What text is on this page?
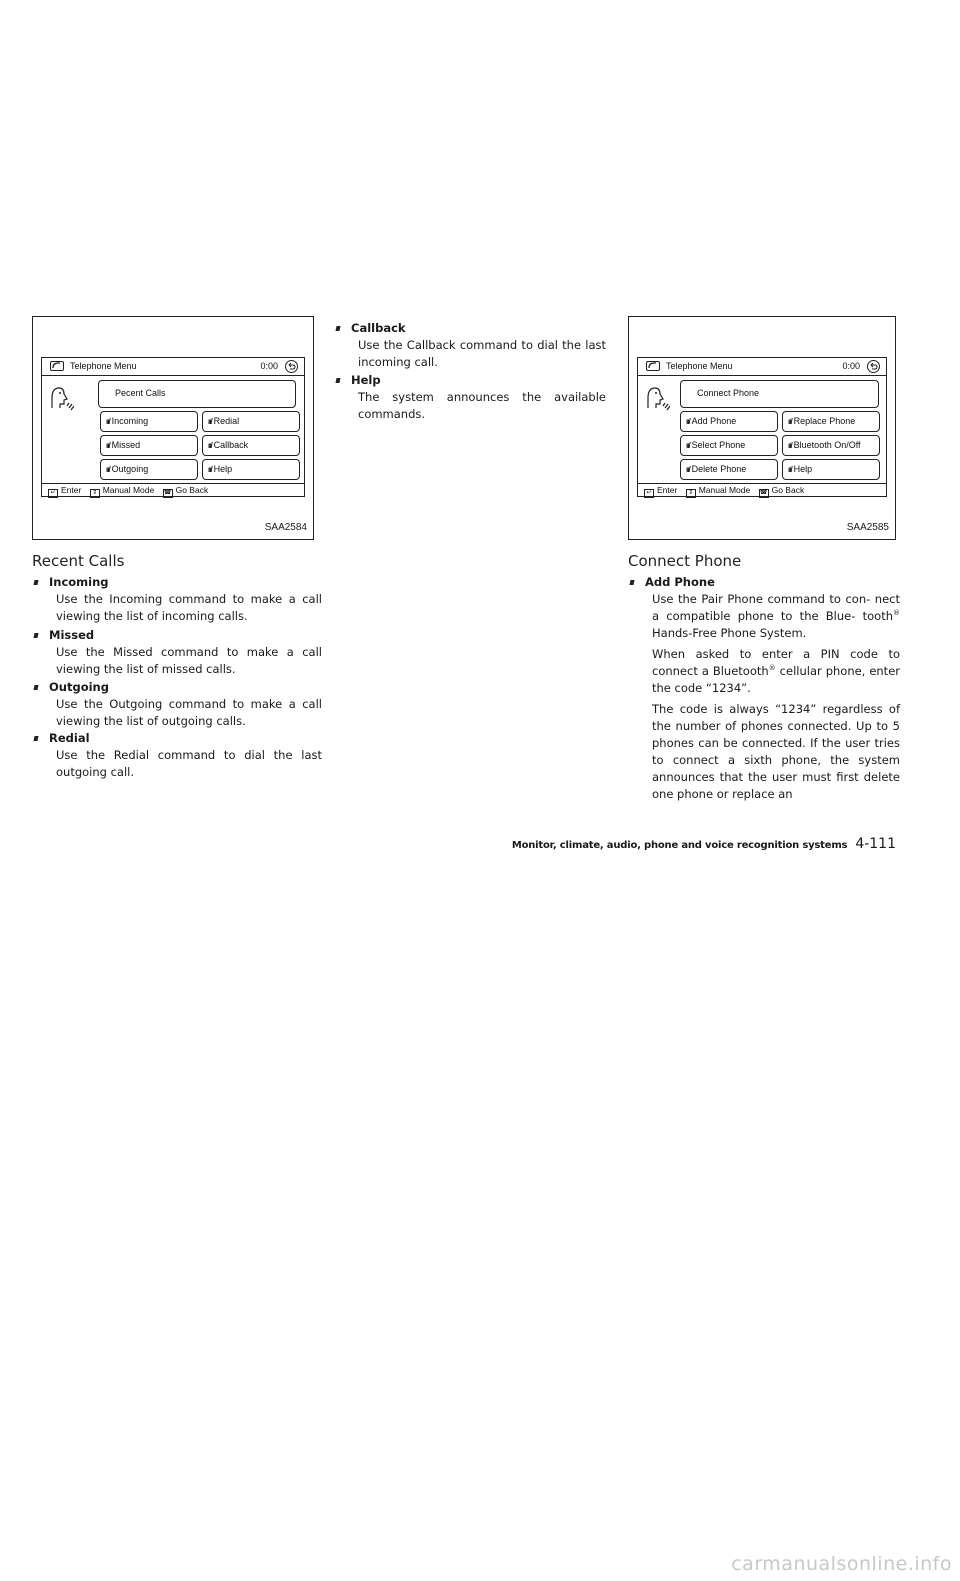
Telephone Menu	0:00
Pecent Calls
ıı/ Incoming	ıı/ Redial
ıı/ Missed	ıı/ Callback
ıı/ Outgoing	ıı/ Help
↵ Enter ⇕ Manual Mode ☎ Go Back
SAA2584
Telephone Menu	0:00
Connect Phone
ıı/ Add Phone	ıı/ Replace Phone
ıı/ Select Phone	ıı/ Bluetooth On/Off
ıı/ Delete Phone	ıı/ Help
↵ Enter ⇕ Manual Mode ☎ Go Back
SAA2585
Recent Calls
Incoming
Use the Incoming command to make a call viewing the list of incoming calls.
Missed
Use the Missed command to make a call viewing the list of missed calls.
Outgoing
Use the Outgoing command to make a call viewing the list of outgoing calls.
Redial
Use the Redial command to dial the last outgoing call.
Callback
Use the Callback command to dial the last incoming call.
Help
The system announces the available commands.
Connect Phone
Add Phone

Use the Pair Phone command to con- nect a compatible phone to the Blue- tooth® Hands-Free Phone System.

When asked to enter a PIN code to connect a Bluetooth® cellular phone, enter the code “1234”.

The code is always “1234” regardless of the number of phones connected. Up to 5 phones can be connected. If the user tries to connect a sixth phone, the system announces that the user must first delete one phone or replace an

Monitor, climate, audio, phone and voice recognition systems 4-111
carmanualsonline.info
